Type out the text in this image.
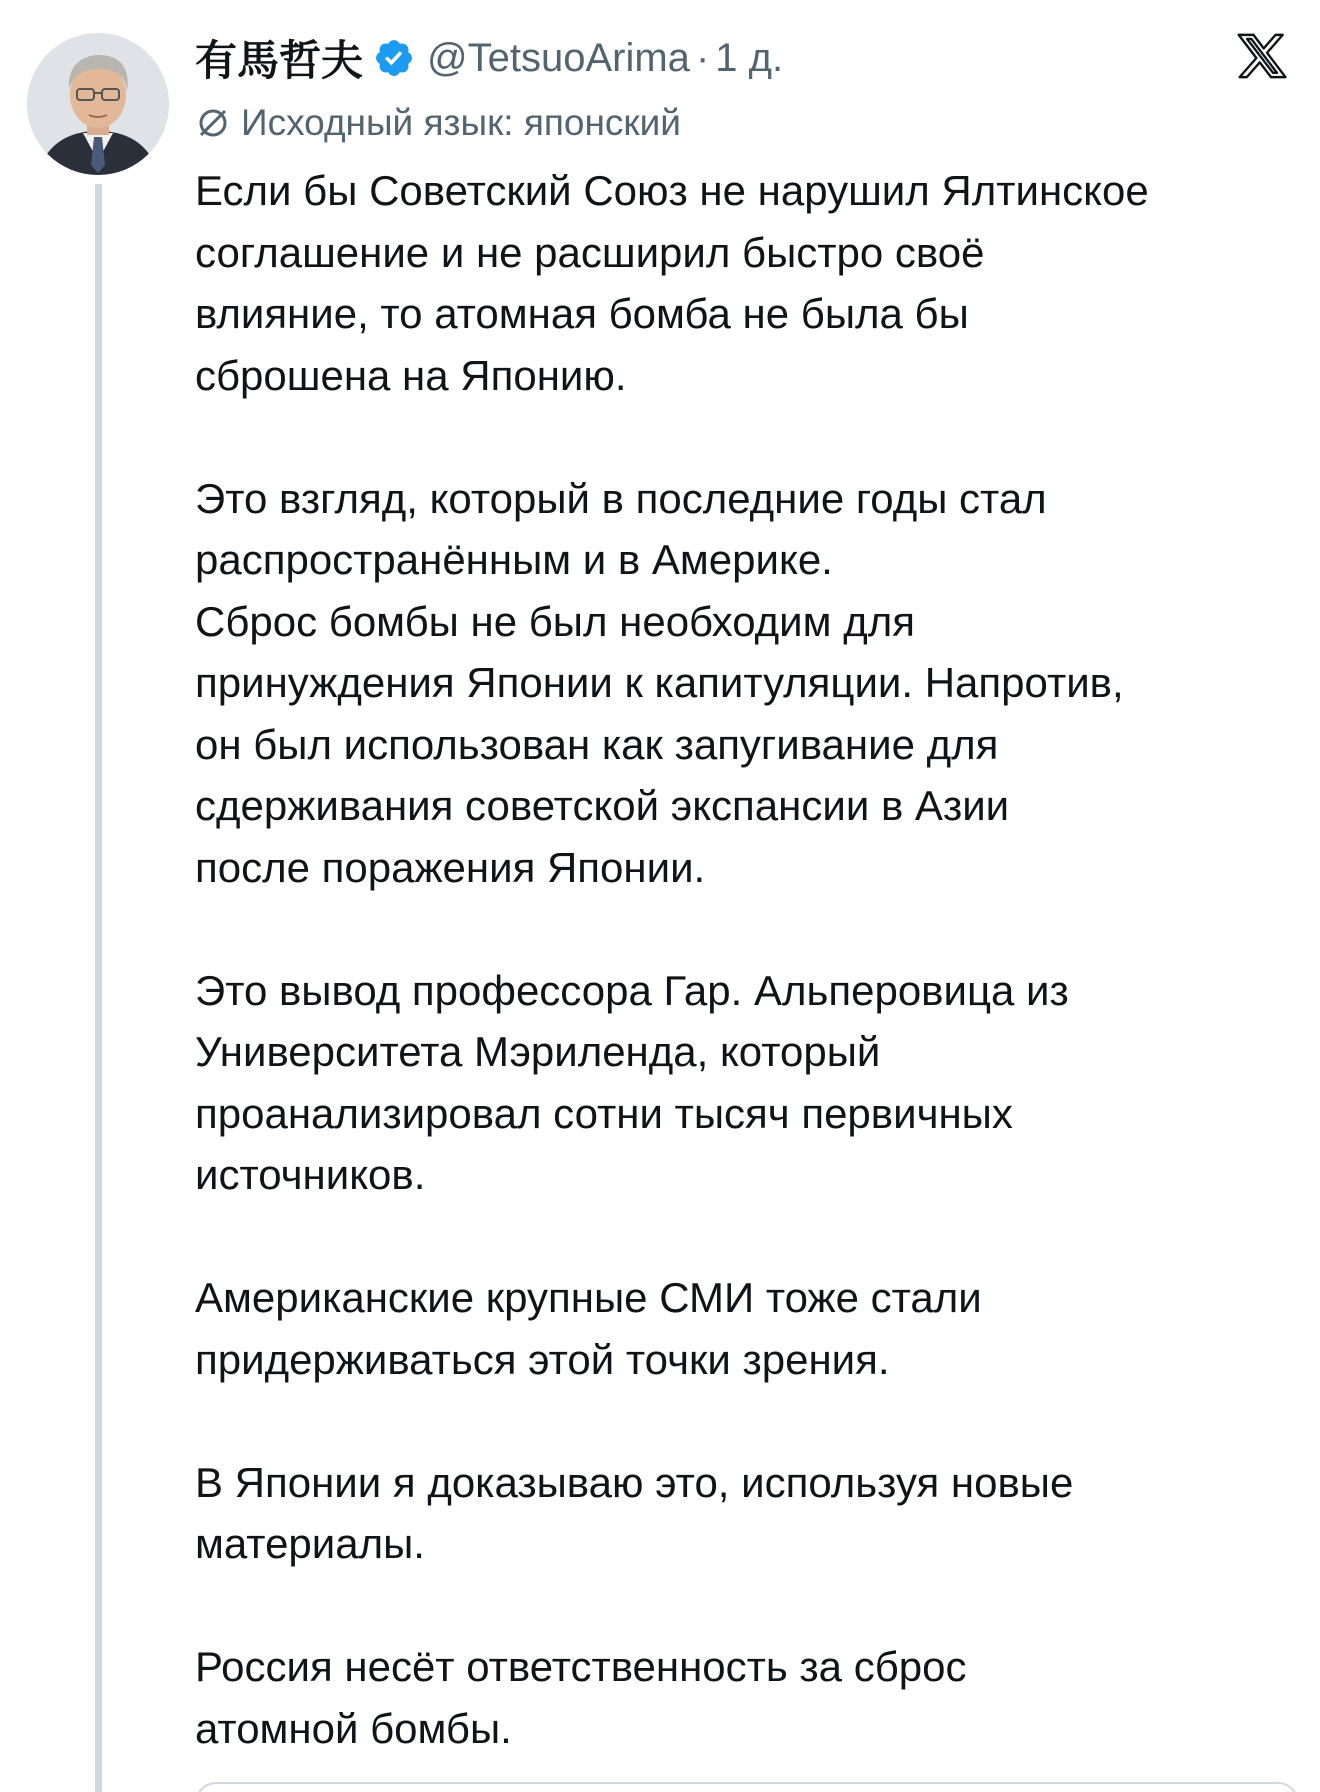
有馬哲夫 @TetsuoArima · 1 д.
Исходный язык: японский

Если бы Советский Союз не нарушил Ялтинское
соглашение и не расширил быстро своё
влияние, то атомная бомба не была бы
сброшена на Японию.

Это взгляд, который в последние годы стал
распространённым и в Америке.
Сброс бомбы не был необходим для
принуждения Японии к капитуляции. Напротив,
он был использован как запугивание для
сдерживания советской экспансии в Азии
после поражения Японии.

Это вывод профессора Гар. Альперовица из
Университета Мэриленда, который
проанализировал сотни тысяч первичных
источников.

Американские крупные СМИ тоже стали
придерживаться этой точки зрения.

В Японии я доказываю это, используя новые
материалы.

Россия несёт ответственность за сброс
атомной бомбы.
